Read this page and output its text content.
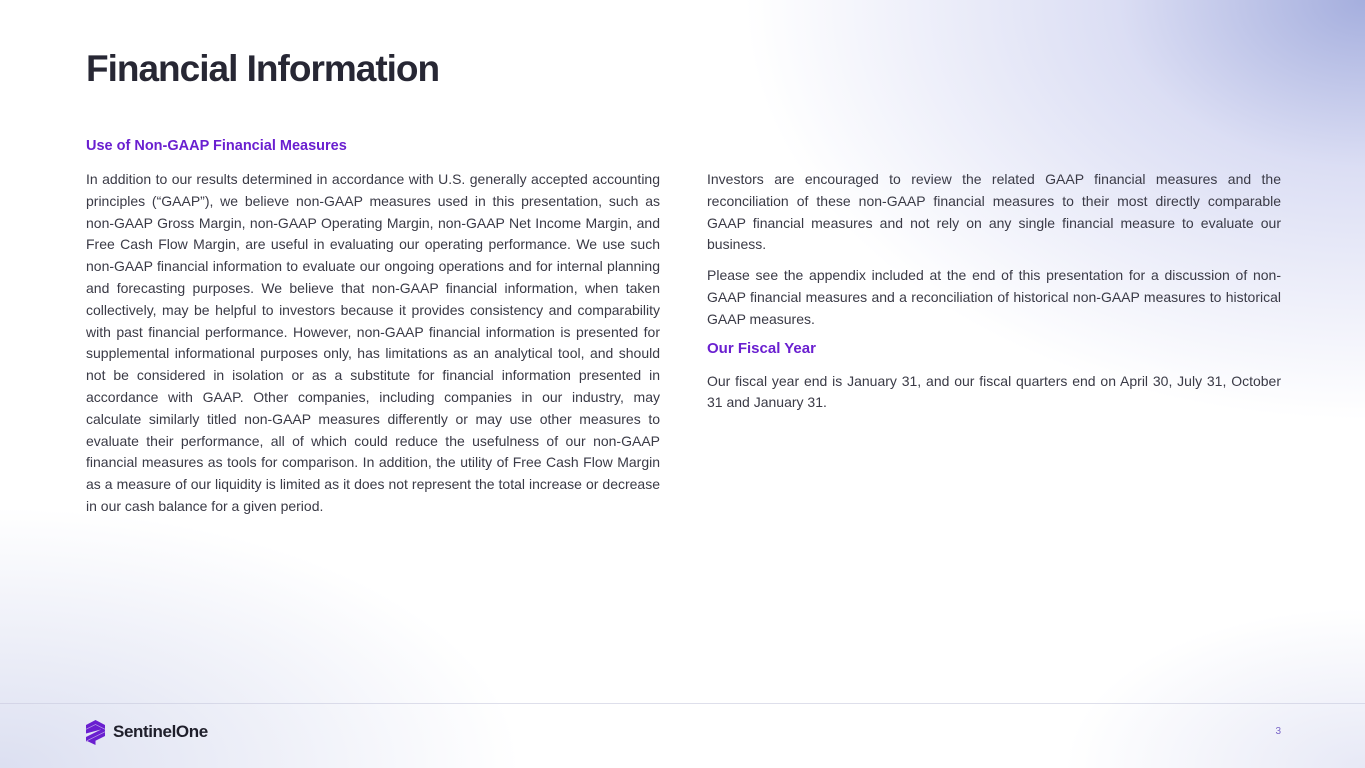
Financial Information
Use of Non-GAAP Financial Measures

In addition to our results determined in accordance with U.S. generally accepted accounting principles (“GAAP”), we believe non-GAAP measures used in this presentation, such as non-GAAP Gross Margin, non-GAAP Operating Margin, non-GAAP Net Income Margin, and Free Cash Flow Margin, are useful in evaluating our operating performance. We use such non-GAAP financial information to evaluate our ongoing operations and for internal planning and forecasting purposes. We believe that non-GAAP financial information, when taken collectively, may be helpful to investors because it provides consistency and comparability with past financial performance. However, non-GAAP financial information is presented for supplemental informational purposes only, has limitations as an analytical tool, and should not be considered in isolation or as a substitute for financial information presented in accordance with GAAP. Other companies, including companies in our industry, may calculate similarly titled non-GAAP measures differently or may use other measures to evaluate their performance, all of which could reduce the usefulness of our non-GAAP financial measures as tools for comparison. In addition, the utility of Free Cash Flow Margin as a measure of our liquidity is limited as it does not represent the total increase or decrease in our cash balance for a given period.

Investors are encouraged to review the related GAAP financial measures and the reconciliation of these non-GAAP financial measures to their most directly comparable GAAP financial measures and not rely on any single financial measure to evaluate our business.

Please see the appendix included at the end of this presentation for a discussion of non-GAAP financial measures and a reconciliation of historical non-GAAP measures to historical GAAP measures.

Our Fiscal Year

Our fiscal year end is January 31, and our fiscal quarters end on April 30, July 31, October 31 and January 31.

SentinelOne	3
